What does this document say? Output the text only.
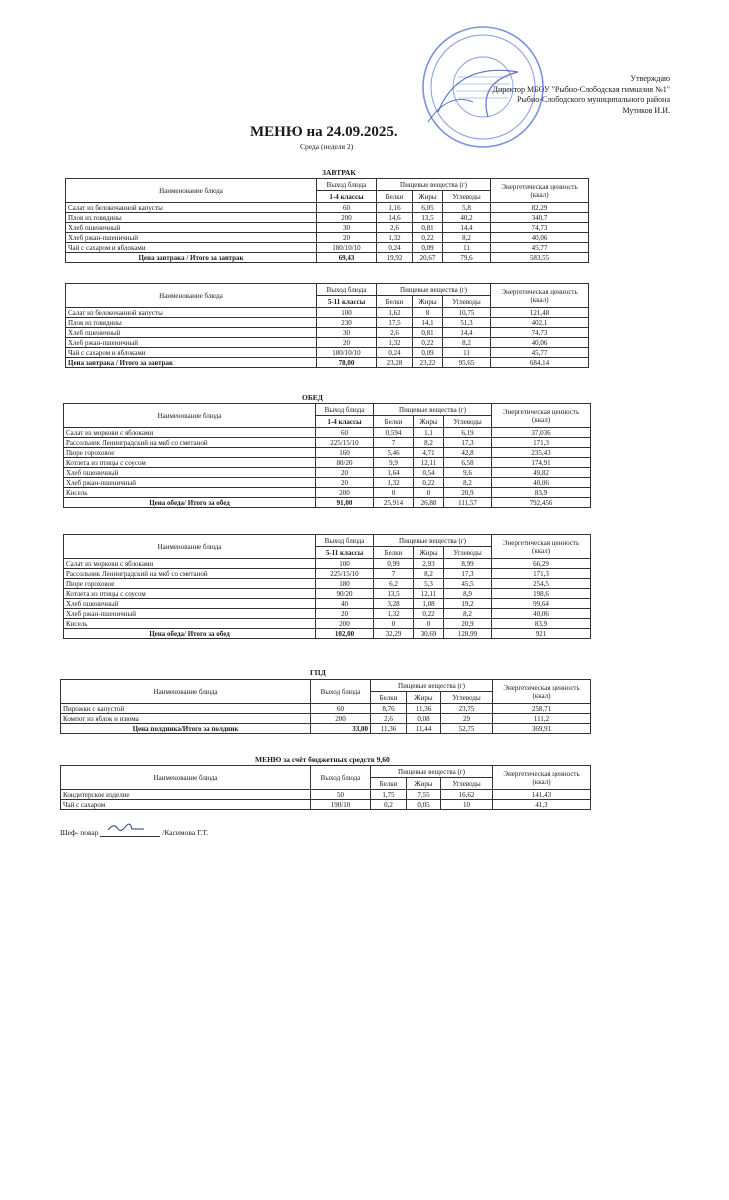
Утверждаю
Директор МБОУ "Рыбно-Слободская гимназия №1"
Рыбно-Слободского муниципального района
Мутиков И.И.
МЕНЮ на 24.09.2025.
Среда (неделя 2)
ЗАВТРАК
Наименование блюда	Выход блюда	Пищевые вещества (г)			Энергетическая ценность (ккал)
	1-4 классы	Белки	Жиры	Углеводы	
Салат из белокочанной капусты	60	1,16	6,05	5,8	82,29
Плов из говядины	200	14,6	13,5	40,2	340,7
Хлеб пшеничный	30	2,6	0,81	14,4	74,73
Хлеб ржан-пшеничный	20	1,32	0,22	8,2	40,06
Чай с сахаром и яблоками	180/10/10	0,24	0,09	11	45,77
Цена завтрака / Итого за завтрак	69,43	19,92	20,67	79,6	583,55
Наименование блюда	Выход блюда	Пищевые вещества (г)			Энергетическая ценность (ккал)
	5-11 классы	Белки	Жиры	Углеводы	
Салат из белокочанной капусты	100	1,62	8	10,75	121,48
Плов из говядины	230	17,5	14,1	51,3	402,1
Хлеб пшеничный	30	2,6	0,81	14,4	74,73
Хлеб ржан-пшеничный	20	1,32	0,22	8,2	40,06
Чай с сахаром и яблоками	180/10/10	0,24	0,09	11	45,77
Цена завтрака / Итого за завтрак	78,00	23,28	23,22	95,65	684,14
ОБЕД
Наименование блюда	Выход блюда	Пищевые вещества (г)			Энергетическая ценность (ккал)
	1-4 классы	Белки	Жиры	Углеводы	
Салат из моркови с яблоками	60	0,594	1,1	6,19	37,036
Рассольник Ленинградский на мкб со сметаной	225/15/10	7	8,2	17,3	171,3
Пюре гороховое	160	5,46	4,71	42,8	235,43
Котлета из птицы с соусом	80/20	9,9	12,11	6,58	174,91
Хлеб пшеничный	20	1,64	0,54	9,6	49,82
Хлеб ржан-пшеничный	20	1,32	0,22	8,2	40,06
Кисель	200	0	0	20,9	83,9
Цена обеда/ Итого за обед	91,00	25,914	26,88	111,57	792,456
Наименование блюда	Выход блюда	Пищевые вещества (г)			Энергетическая ценность (ккал)
	5-11 классы	Белки	Жиры	Углеводы	
Салат из моркови с яблоками	100	0,99	2,93	8,99	66,29
Рассольник Ленинградский на мкб со сметаной	225/15/10	7	8,2	17,3	171,3
Пюре гороховое	180	6,2	5,3	45,5	254,5
Котлета из птицы с соусом	90/20	13,5	12,11	8,9	198,6
Хлеб пшеничный	40	3,28	1,08	19,2	99,64
Хлеб ржан-пшеничный	20	1,32	0,22	8,2	40,06
Кисель	200	0	0	20,9	83,9
Цена обеда/ Итого за обед	102,00	32,29	30,69	128,99	921
ГПД
Наименование блюда	Выход блюда	Пищевые вещества (г)			Энергетическая ценность (ккал)
		Белки	Жиры	Углеводы	
Пирожки с капустой	60	8,76	11,36	23,75	258,71
Компот из яблок и изюма	200	2,6	0,08	29	111,2
Цена полдника/Итого за полдник	33,00	11,36	11,44	52,75	369,91
МЕНЮ за счёт бюджетных средств 9,60
Наименование блюда	Выход блюда	Пищевые вещества (г)			Энергетическая ценность (ккал)
		Белки	Жиры	Углеводы	
Кондитерское изделие	50	1,75	7,55	16,62	141,43
Чай с сахаром	190/10	0,2	0,05	10	41,3
Шеф- повар	/Касимова Г.Т.
